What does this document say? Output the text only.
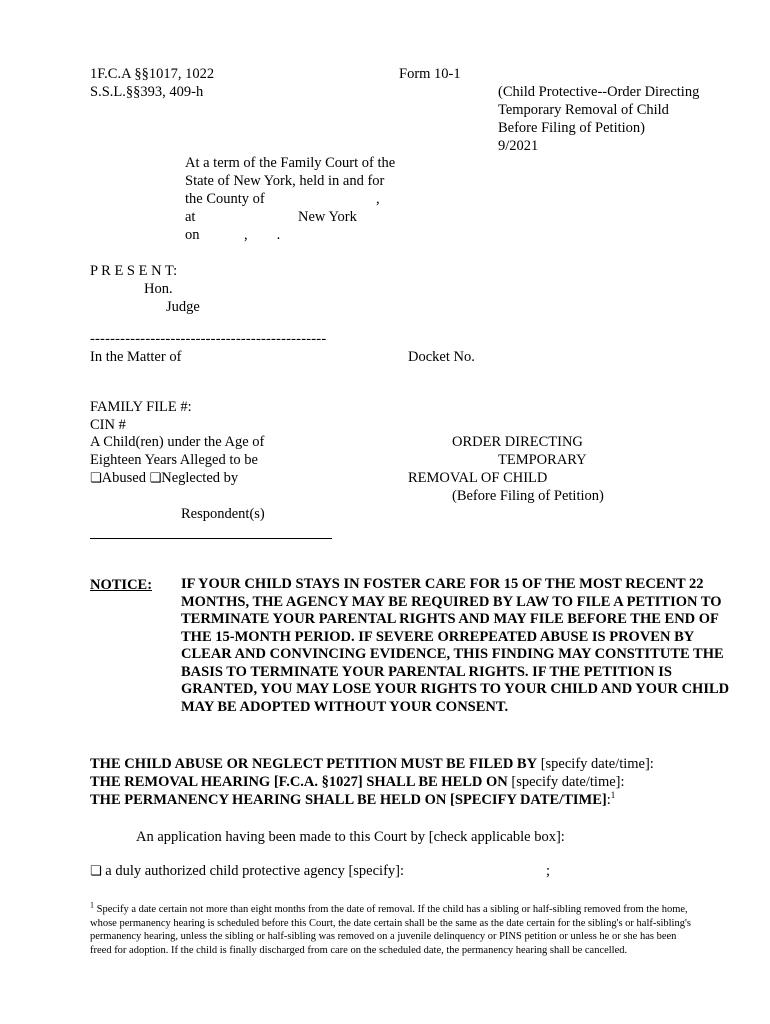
1F.C.A §§1017, 1022
S.S.L.§§393, 409-h
Form 10-1
(Child Protective--Order Directing
Temporary Removal of Child
Before Filing of Petition)
9/2021
At a term of the Family Court of the
State of New York, held in and for
the County of	,
at	New York
on	,        .
P R E S E N T:
Hon.
Judge
-----------------------------------------------
In the Matter of	Docket No.
FAMILY FILE #:
CIN #
A Child(ren) under the Age of
Eighteen Years Alleged to be
❏Abused ❏Neglected by
Respondent(s)
ORDER DIRECTING
TEMPORARY
REMOVAL OF CHILD
(Before Filing of Petition)
NOTICE: IF YOUR CHILD STAYS IN FOSTER CARE FOR 15 OF THE MOST RECENT 22 MONTHS, THE AGENCY MAY BE REQUIRED BY LAW TO FILE A PETITION TO TERMINATE YOUR PARENTAL RIGHTS AND MAY FILE BEFORE THE END OF THE 15-MONTH PERIOD. IF SEVERE ORREPEATED ABUSE IS PROVEN BY CLEAR AND CONVINCING EVIDENCE, THIS FINDING MAY CONSTITUTE THE BASIS TO TERMINATE YOUR PARENTAL RIGHTS. IF THE PETITION IS GRANTED, YOU MAY LOSE YOUR RIGHTS TO YOUR CHILD AND YOUR CHILD MAY BE ADOPTED WITHOUT YOUR CONSENT.
THE CHILD ABUSE OR NEGLECT PETITION MUST BE FILED BY [specify date/time]:
THE REMOVAL HEARING [F.C.A. §1027] SHALL BE HELD ON [specify date/time]:
THE PERMANENCY HEARING SHALL BE HELD ON [SPECIFY DATE/TIME]:$^1$
An application having been made to this Court by [check applicable box]:
❏ a duly authorized child protective agency [specify]:	;
$^1$ Specify a date certain not more than eight months from the date of removal. If the child has a sibling or half-sibling removed from the home, whose permanency hearing is scheduled before this Court, the date certain shall be the same as the date certain for the sibling's or half-sibling's permanency hearing, unless the sibling or half-sibling was removed on a juvenile delinquency or PINS petition or unless he or she has been freed for adoption. If the child is finally discharged from care on the scheduled date, the permanency hearing shall be cancelled.
